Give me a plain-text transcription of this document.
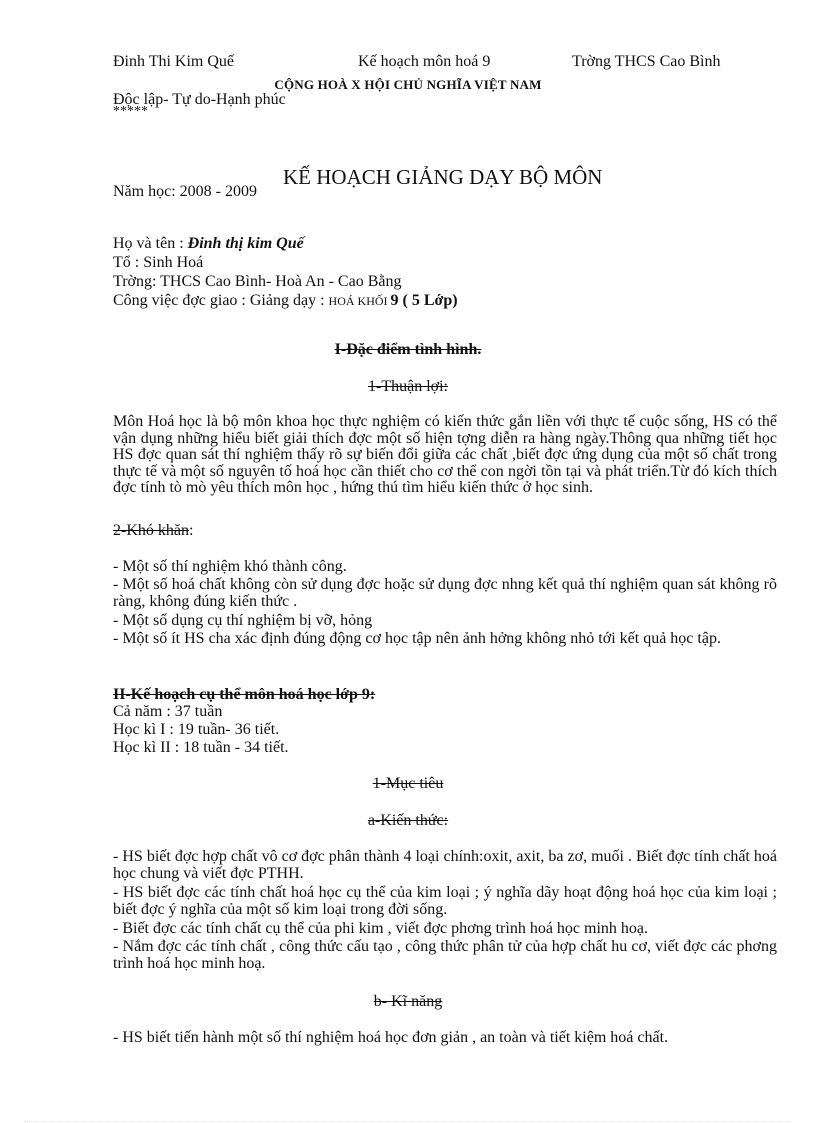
Đinh Thi Kim Quế	Kế hoạch môn hoá 9	Trờng THCS Cao Bình
CỘNG HOÀ X HỘI CHỦ NGHĨA VIỆT NAM
Độc lập- Tự do-Hạnh phúc
*****
KẾ HOẠCH GIẢNG DẠY BỘ MÔN
Năm học: 2008 - 2009
Họ và tên : Đinh thị kim Quế
Tổ : Sinh Hoá
Trờng: THCS Cao Bình- Hoà An - Cao Bằng
Công việc đợc giao : Giảng dạy : HOÁ KHỐI 9 ( 5 Lớp)
I-Đặc điểm tình hình.
1-Thuận lợi:
Môn Hoá học là bộ môn khoa học thực nghiệm có kiến thức gắn liền với thực tế cuộc sống, HS có thể vận dụng những hiểu biết giải thích đợc một số hiện tợng diễn ra hàng ngày.Thông qua những tiết học HS đợc quan sát thí nghiệm thấy rõ sự biến đổi giữa các chất ,biết đợc ứng dụng của một số chất trong thực tế và một số nguyên tố hoá học cần thiết cho cơ thể con ngời tồn tại và phát triển.Từ đó kích thích đợc tính tò mò yêu thích môn học , hứng thú tìm hiểu kiến thức ở học sinh.
2-Khó khăn:
- Một số thí nghiệm khó thành công.
- Một số hoá chất không còn sử dụng đợc hoặc sử dụng đợc nhng kết quả thí nghiệm quan sát không rõ ràng, không đúng kiến thức .
- Một số dụng cụ thí nghiệm bị vỡ, hỏng
- Một số ít HS cha xác định đúng động cơ học tập nên ảnh hởng không nhỏ tới kết quả học tập.
II-Kế hoạch cụ thể môn hoá học lớp 9:
Cả năm : 37 tuần
Học kì I : 19 tuần- 36 tiết.
Học kì II : 18 tuần - 34 tiết.
1-Mục tiêu
a-Kiến thức:
- HS biết đợc hợp chất vô cơ đợc phân thành 4 loại chính:oxit, axit, ba zơ, muối . Biết đợc tính chất hoá học chung và viết đợc PTHH.
- HS biết đợc các tính chất hoá học cụ thể của kim loại ; ý nghĩa dãy hoạt động hoá học của kim loại ; biết đợc ý nghĩa của một số kim loại trong đời sống.
- Biết đợc các tính chất cụ thể của phi kim , viết đợc phơng trình hoá học minh hoạ.
- Nắm đợc các tính chất , công thức cấu tạo , công thức phân tử của hợp chất hu cơ, viết đợc các phơng trình hoá học minh hoạ.
b- Kĩ năng
- HS biết tiến hành một số thí nghiệm hoá học đơn giản , an toàn và tiết kiệm hoá chất.
